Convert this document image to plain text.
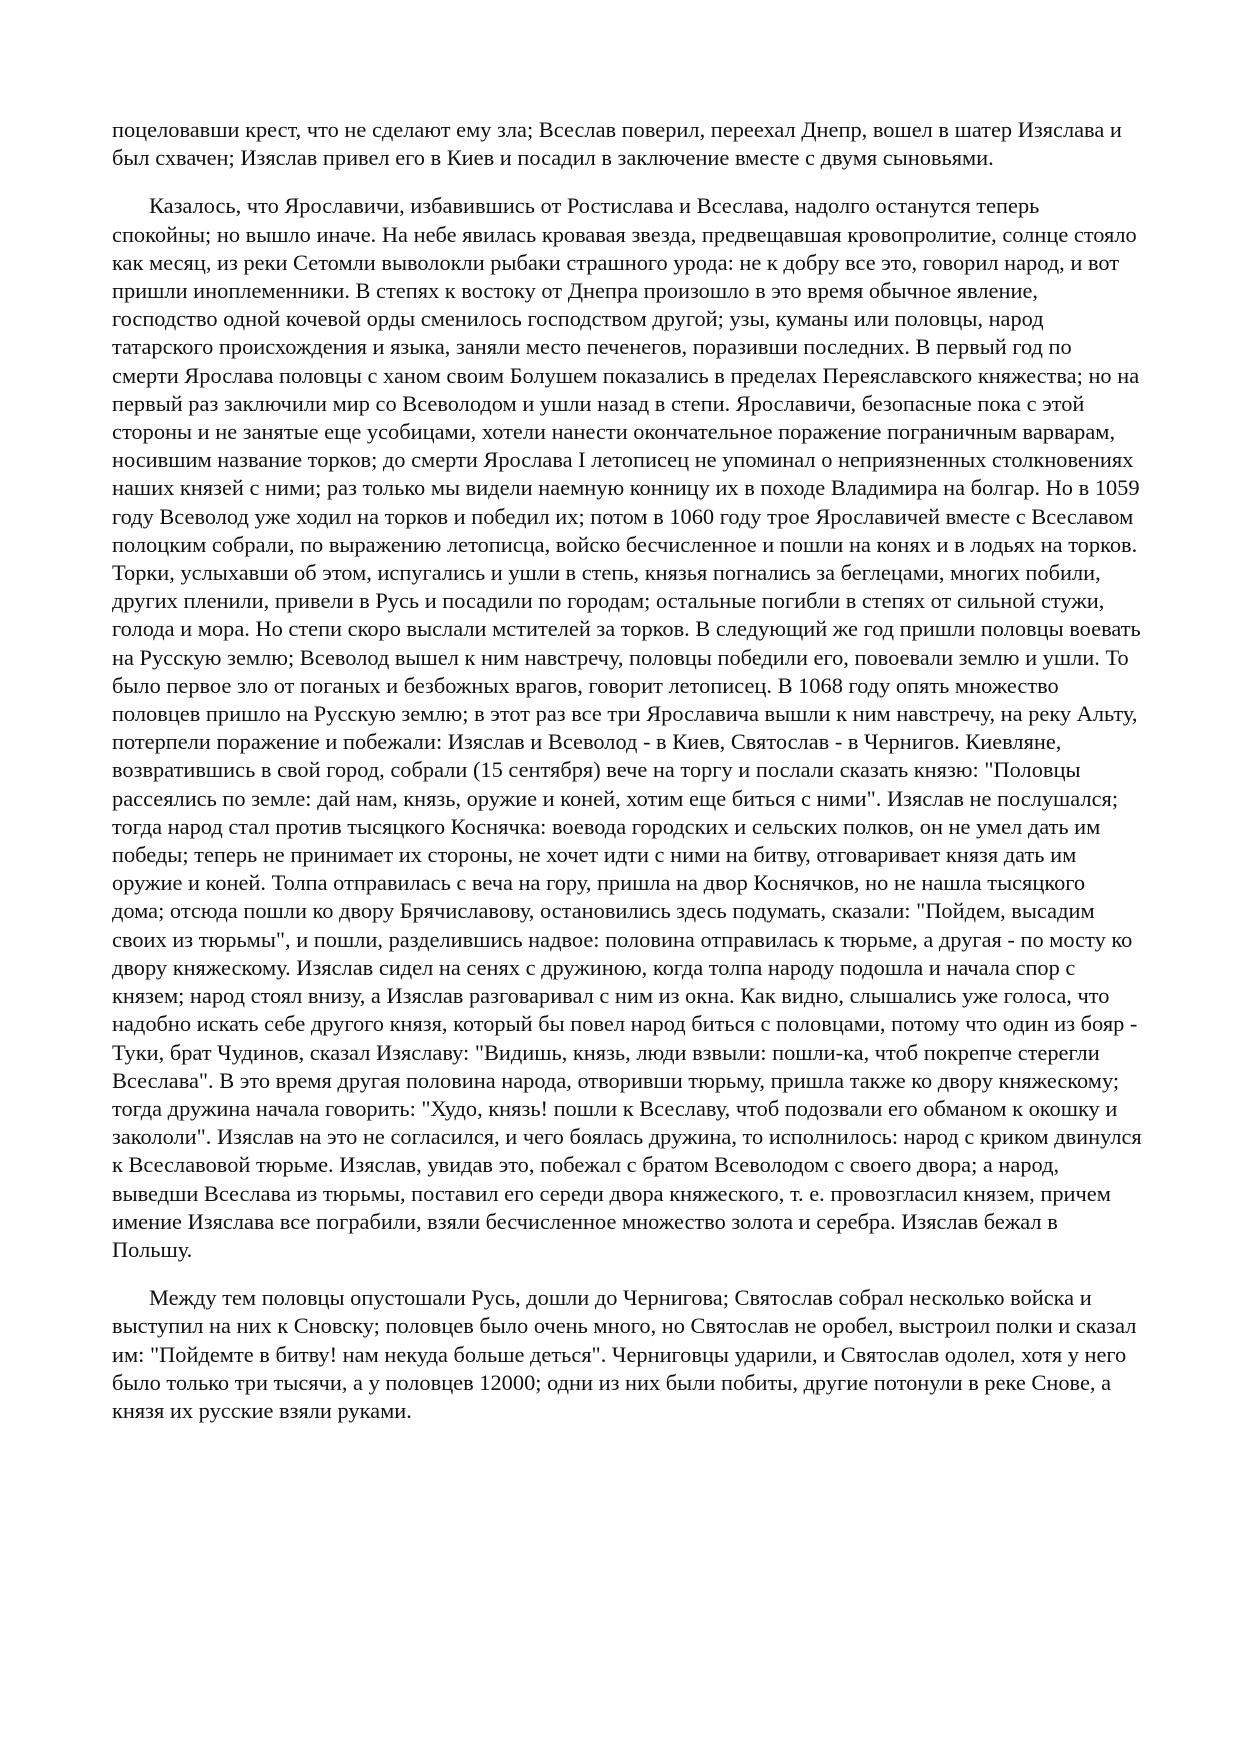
поцеловавши крест, что не сделают ему зла; Всеслав поверил, переехал Днепр, вошел в шатер Изяслава и был схвачен; Изяслав привел его в Киев и посадил в заключение вместе с двумя сыновьями.

Казалось, что Ярославичи, избавившись от Ростислава и Всеслава, надолго останутся теперь спокойны; но вышло иначе. На небе явилась кровавая звезда, предвещавшая кровопролитие, солнце стояло как месяц, из реки Сетомли выволокли рыбаки страшного урода: не к добру все это, говорил народ, и вот пришли иноплеменники. В степях к востоку от Днепра произошло в это время обычное явление, господство одной кочевой орды сменилось господством другой; узы, куманы или половцы, народ татарского происхождения и языка, заняли место печенегов, поразивши последних. В первый год по смерти Ярослава половцы с ханом своим Болушем показались в пределах Переяславского княжества; но на первый раз заключили мир со Всеволодом и ушли назад в степи. Ярославичи, безопасные пока с этой стороны и не занятые еще усобицами, хотели нанести окончательное поражение пограничным варварам, носившим название торков; до смерти Ярослава I летописец не упоминал о неприязненных столкновениях наших князей с ними; раз только мы видели наемную конницу их в походе Владимира на болгар. Но в 1059 году Всеволод уже ходил на торков и победил их; потом в 1060 году трое Ярославичей вместе с Всеславом полоцким собрали, по выражению летописца, войско бесчисленное и пошли на конях и в лодьях на торков. Торки, услыхавши об этом, испугались и ушли в степь, князья погнались за беглецами, многих побили, других пленили, привели в Русь и посадили по городам; остальные погибли в степях от сильной стужи, голода и мора. Но степи скоро выслали мстителей за торков. В следующий же год пришли половцы воевать на Русскую землю; Всеволод вышел к ним навстречу, половцы победили его, повоевали землю и ушли. То было первое зло от поганых и безбожных врагов, говорит летописец. В 1068 году опять множество половцев пришло на Русскую землю; в этот раз все три Ярославича вышли к ним навстречу, на реку Альту, потерпели поражение и побежали: Изяслав и Всеволод - в Киев, Святослав - в Чернигов. Киевляне, возвратившись в свой город, собрали (15 сентября) вече на торгу и послали сказать князю: "Половцы рассеялись по земле: дай нам, князь, оружие и коней, хотим еще биться с ними". Изяслав не послушался; тогда народ стал против тысяцкого Коснячка: воевода городских и сельских полков, он не умел дать им победы; теперь не принимает их стороны, не хочет идти с ними на битву, отговаривает князя дать им оружие и коней. Толпа отправилась с веча на гору, пришла на двор Коснячков, но не нашла тысяцкого дома; отсюда пошли ко двору Брячиславову, остановились здесь подумать, сказали: "Пойдем, высадим своих из тюрьмы", и пошли, разделившись надвое: половина отправилась к тюрьме, а другая - по мосту ко двору княжескому. Изяслав сидел на сенях с дружиною, когда толпа народу подошла и начала спор с князем; народ стоял внизу, а Изяслав разговаривал с ним из окна. Как видно, слышались уже голоса, что надобно искать себе другого князя, который бы повел народ биться с половцами, потому что один из бояр - Туки, брат Чудинов, сказал Изяславу: "Видишь, князь, люди взвыли: пошли-ка, чтоб покрепче стерегли Всеслава". В это время другая половина народа, отворивши тюрьму, пришла также ко двору княжескому; тогда дружина начала говорить: "Худо, князь! пошли к Всеславу, чтоб подозвали его обманом к окошку и закололи". Изяслав на это не согласился, и чего боялась дружина, то исполнилось: народ с криком двинулся к Всеславовой тюрьме. Изяслав, увидав это, побежал с братом Всеволодом с своего двора; а народ, выведши Всеслава из тюрьмы, поставил его середи двора княжеского, т. е. провозгласил князем, причем имение Изяслава все пограбили, взяли бесчисленное множество золота и серебра. Изяслав бежал в Польшу.

Между тем половцы опустошали Русь, дошли до Чернигова; Святослав собрал несколько войска и выступил на них к Сновску; половцев было очень много, но Святослав не оробел, выстроил полки и сказал им: "Пойдемте в битву! нам некуда больше деться". Черниговцы ударили, и Святослав одолел, хотя у него было только три тысячи, а у половцев 12000; одни из них были побиты, другие потонули в реке Снове, а князя их русские взяли руками.
